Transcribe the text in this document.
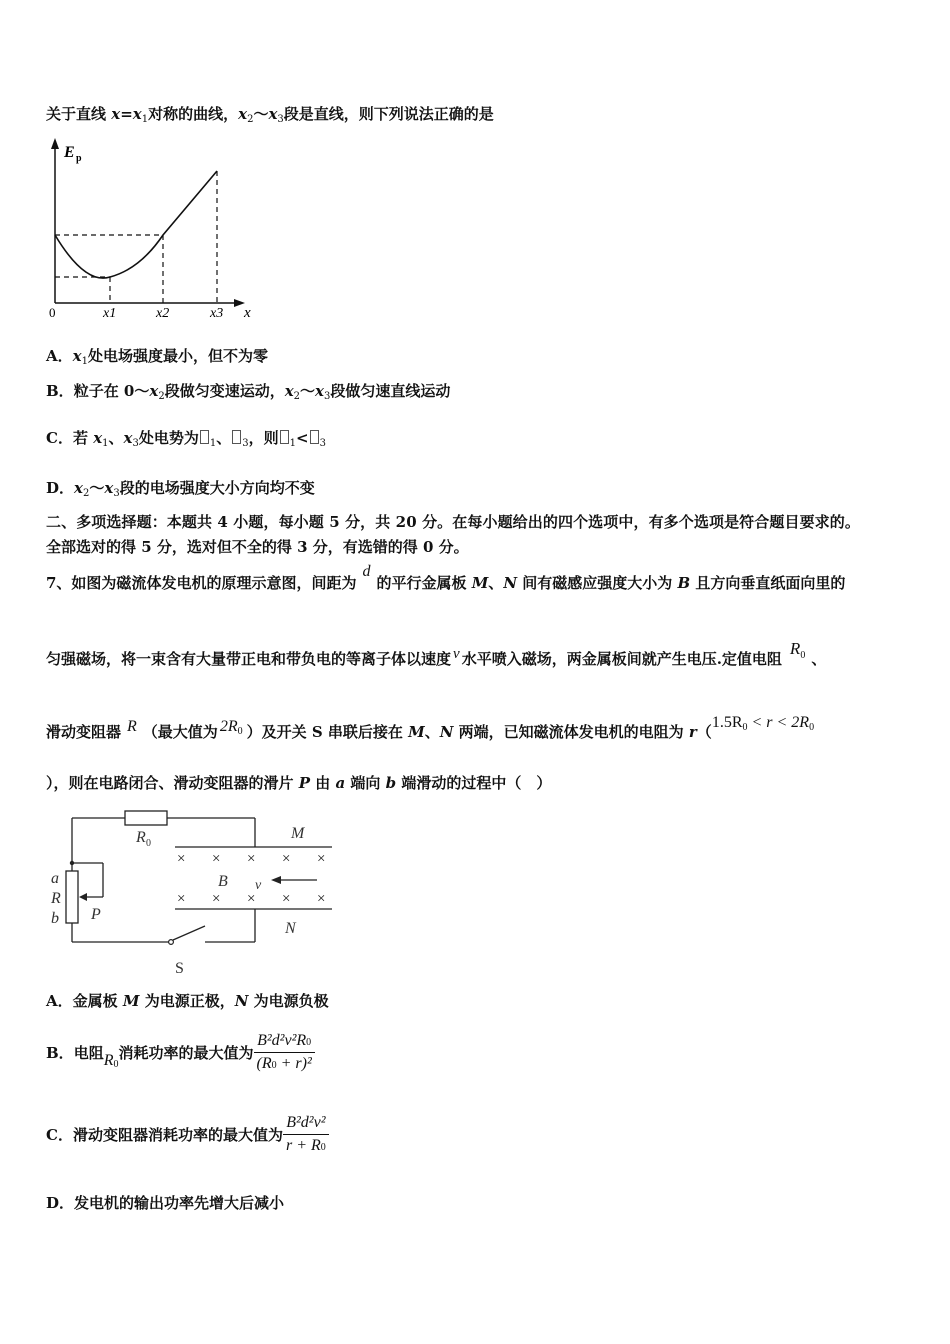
关于直线 $x=x_1$对称的曲线，$x_2\sim x_3$段是直线，则下列说法正确的是
E p
0	x
x1	x2	x3
A．$x_1$处电场强度最小，但不为零
B．粒子在 $0\sim x_2$段做匀变速运动，$x_2\sim x_3$段做匀速直线运动
C．若 $x_1$、$x_3$处电势为 $_1$、 $_3$，则 $_1$< $_3$
D．$x_2\sim x_3$段的电场强度大小方向均不变
二、多项选择题：本题共 4 小题，每小题 5 分，共 20 分。在每小题给出的四个选项中，有多个选项是符合题目要求的。
全部选对的得 5 分，选对但不全的得 3 分，有选错的得 0 分。
7、如图为磁流体发电机的原理示意图，间距为d的平行金属板 M、N 间有磁感应强度大小为 B 且方向垂直纸面向里的
匀强磁场，将一束含有大量带正电和带负电的等离子体以速度 v 水平喷入磁场，两金属板间就产生电压.定值电阻$R^0$ 、
滑动变阻器 R （最大值为 $2R^0$ ）及开关 S 串联后接在 M、N 两端，已知磁流体发电机的电阻为 $r(1.5R^0 < r < 2R^0$
），则在电路闭合、滑动变阻器的滑片 P 由 a 端向 b 端滑动的过程中（　）
× × × × ×
× × × × ×
R 0
M
N
B v
a
R
b P
S
A．金属板 M 为电源正极，N 为电源负极
B． 电阻 R 0
消耗功率的最大值为 $\frac{\text{B²d²v²R0}}{\text{(R0 + r)²}}$
C． 滑动变阻器消耗功率的最大值为 $\frac{\text{B²d²v²}}{r + R0}$
D．发电机的输出功率先增大后减小
